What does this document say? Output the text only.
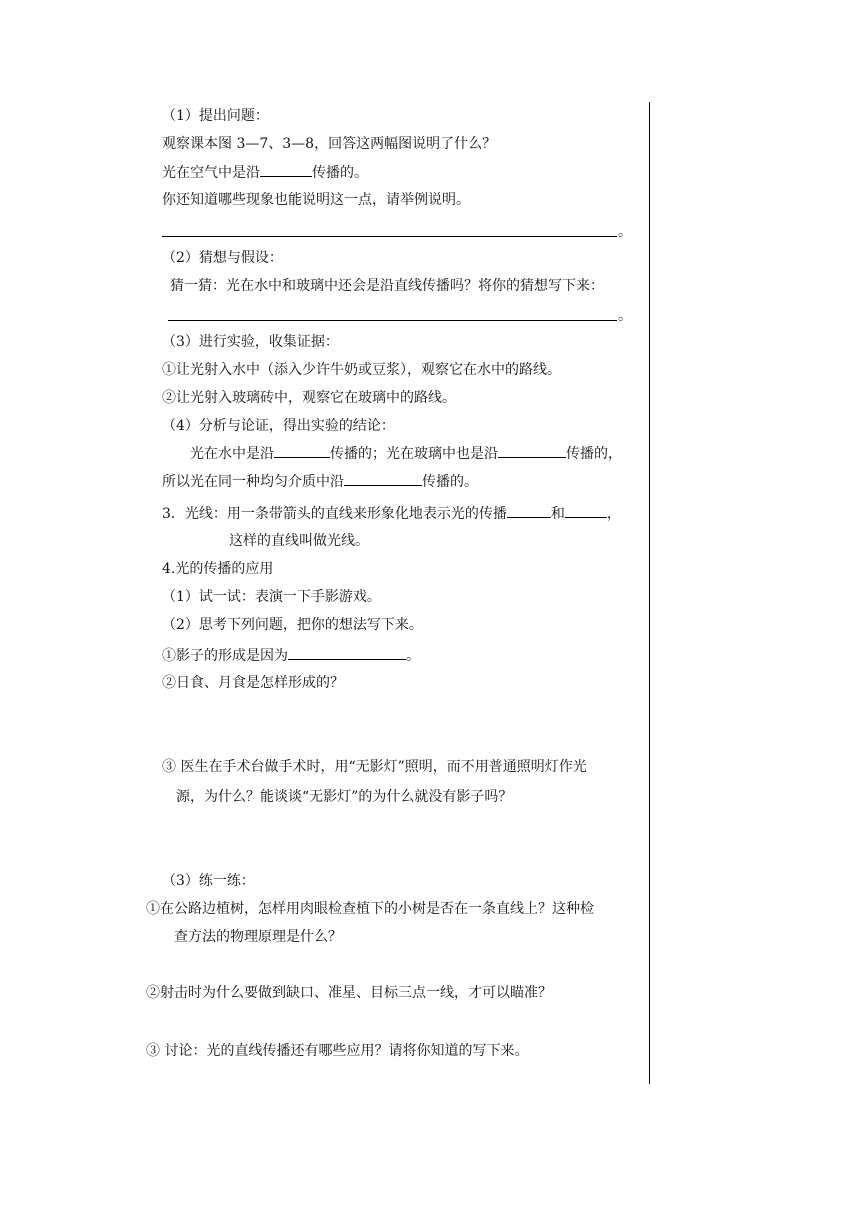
（1）提出问题：
观察课本图 3—7、3—8，回答这两幅图说明了什么？
光在空气中是沿	传播的。
你还知道哪些现象也能说明这一点，请举例说明。
。
（2）猜想与假设：
猜一猜：光在水中和玻璃中还会是沿直线传播吗？将你的猜想写下来：
。
（3）进行实验，收集证据：
①让光射入水中（添入少许牛奶或豆浆），观察它在水中的路线。
②让光射入玻璃砖中，观察它在玻璃中的路线。
（4）分析与论证，得出实验的结论：
光在水中是沿	传播的；光在玻璃中也是沿	传播的，
所以光在同一种均匀介质中沿	传播的。
3．光线：用一条带箭头的直线来形象化地表示光的传播	和	，
这样的直线叫做光线。
4.光的传播的应用
（1）试一试：表演一下手影游戏。
（2）思考下列问题，把你的想法写下来。
①影子的形成是因为	。
②日食、月食是怎样形成的？
③ 医生在手术台做手术时，用“无影灯”照明，而不用普通照明灯作光
源，为什么？能谈谈“无影灯”的为什么就没有影子吗？
（3）练一练：
①在公路边植树，怎样用肉眼检查植下的小树是否在一条直线上？这种检
查方法的物理原理是什么？
②射击时为什么要做到缺口、准星、目标三点一线，才可以瞄准？
③ 讨论：光的直线传播还有哪些应用？请将你知道的写下来。
